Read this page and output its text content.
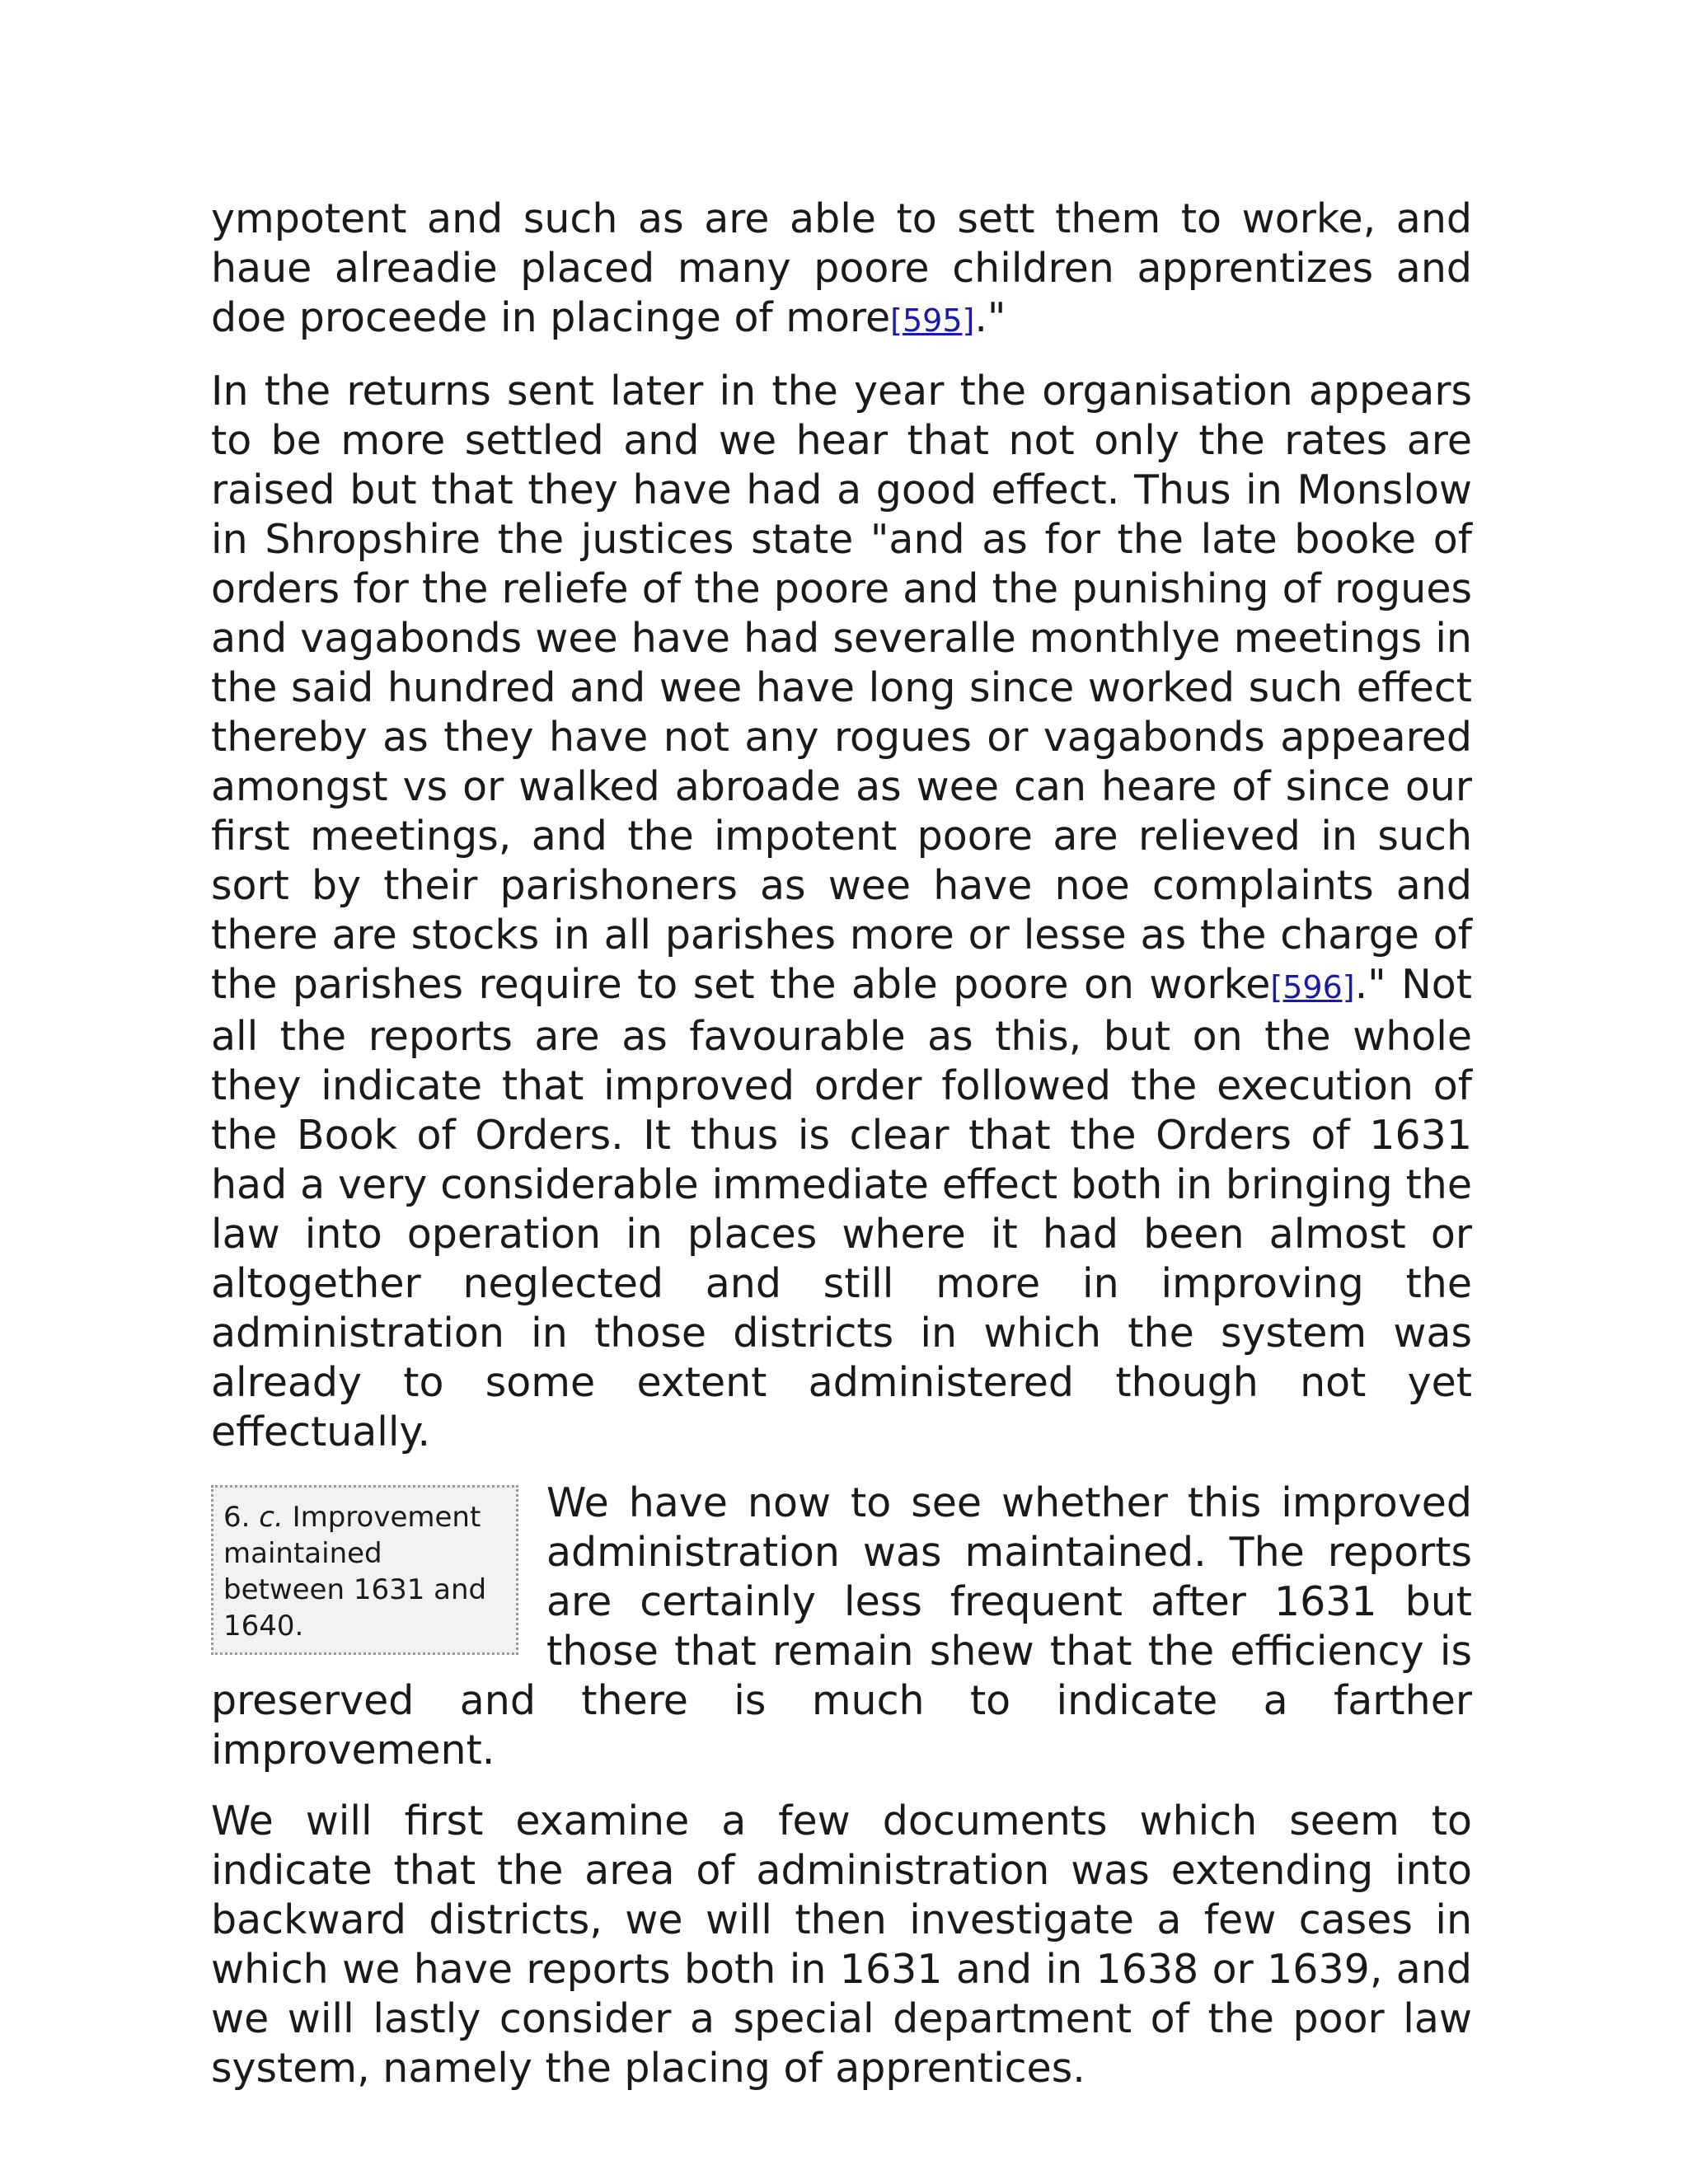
ympotent and such as are able to sett them to worke, and haue alreadie placed many poore children apprentizes and doe proceede in placinge of more[595]."

In the returns sent later in the year the organisation appears to be more settled and we hear that not only the rates are raised but that they have had a good effect. Thus in Monslow in Shropshire the justices state "and as for the late booke of orders for the reliefe of the poore and the punishing of rogues and vagabonds wee have had severalle monthlye meetings in the said hundred and wee have long since worked such effect thereby as they have not any rogues or vagabonds appeared amongst vs or walked abroade as wee can heare of since our first meetings, and the impotent poore are relieved in such sort by their parishoners as wee have noe complaints and there are stocks in all parishes more or lesse as the charge of the parishes require to set the able poore on worke[596]." Not all the reports are as favourable as this, but on the whole they indicate that improved order followed the execution of the Book of Orders. It thus is clear that the Orders of 1631 had a very considerable immediate effect both in bringing the law into operation in places where it had been almost or altogether neglected and still more in improving the administration in those districts in which the system was already to some extent administered though not yet effectually.

6. c. Improvement maintained between 1631 and 1640.
We have now to see whether this improved administration was maintained. The reports are certainly less frequent after 1631 but those that remain shew that the efficiency is preserved and there is much to indicate a farther improvement.

We will first examine a few documents which seem to indicate that the area of administration was extending into backward districts, we will then investigate a few cases in which we have reports both in 1631 and in 1638 or 1639, and we will lastly consider a special department of the poor law system, namely the placing of apprentices.
